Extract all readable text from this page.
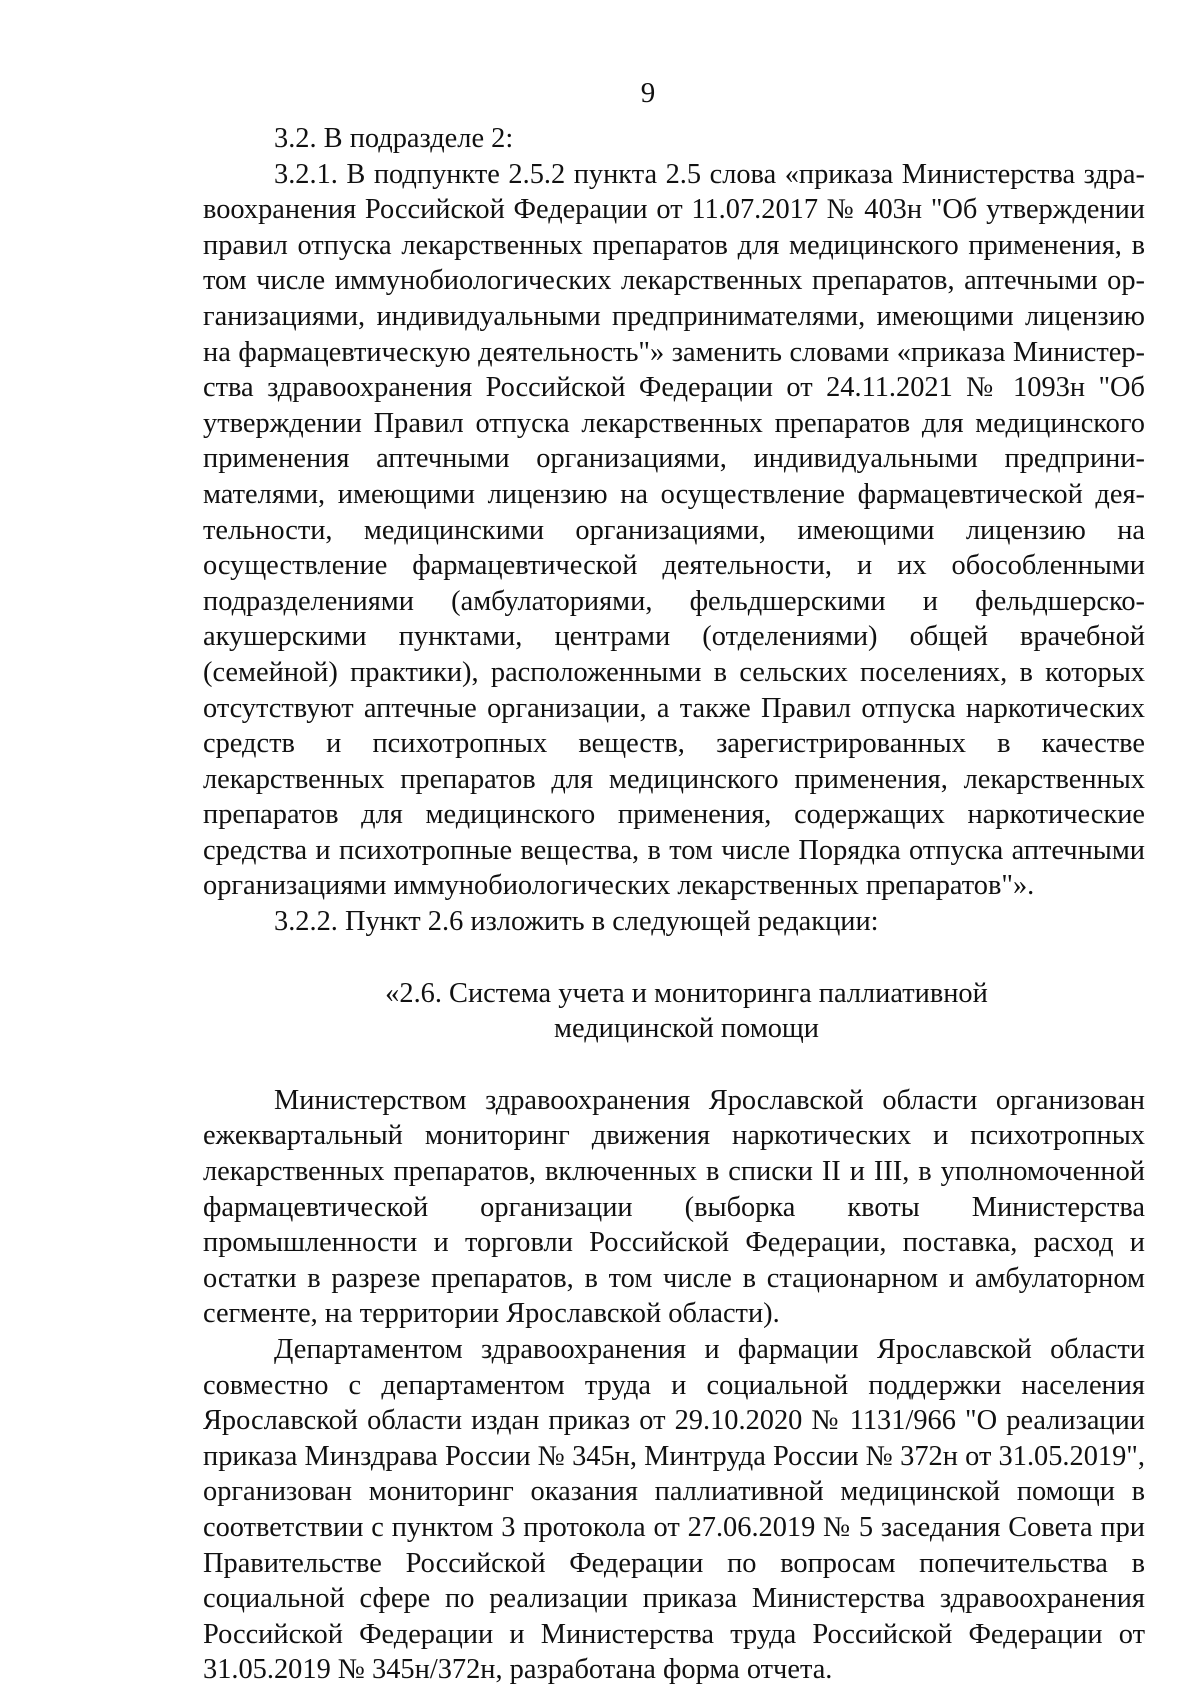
9

3.2. В подразделе 2:

3.2.1. В подпункте 2.5.2 пункта 2.5 слова «приказа Министерства здравоохранения Российской Федерации от 11.07.2017 № 403н "Об утверждении правил отпуска лекарственных препаратов для медицинского применения, в том числе иммунобиологических лекарственных препаратов, аптечными организациями, индивидуальными предпринимателями, имеющими лицензию на фармацевтическую деятельность"» заменить словами «приказа Министерства здравоохранения Российской Федерации от 24.11.2021 № 1093н "Об утверждении Правил отпуска лекарственных препаратов для медицинского применения аптечными организациями, индивидуальными предпринимателями, имеющими лицензию на осуществление фармацевтической деятельности, медицинскими организациями, имеющими лицензию на осуществление фармацевтической деятельности, и их обособленными подразделениями (амбулаториями, фельдшерскими и фельдшерско-акушерскими пунктами, центрами (отделениями) общей врачебной (семейной) практики), расположенными в сельских поселениях, в которых отсутствуют аптечные организации, а также Правил отпуска наркотических средств и психотропных веществ, зарегистрированных в качестве лекарственных препаратов для медицинского применения, лекарственных препаратов для медицинского применения, содержащих наркотические средства и психотропные вещества, в том числе Порядка отпуска аптечными организациями иммунобиологических лекарственных препаратов"».

3.2.2. Пункт 2.6 изложить в следующей редакции:

«2.6. Система учета и мониторинга паллиативной
медицинской помощи

Министерством здравоохранения Ярославской области организован ежеквартальный мониторинг движения наркотических и психотропных лекарственных препаратов, включенных в списки II и III, в уполномоченной фармацевтической организации (выборка квоты Министерства промышленности и торговли Российской Федерации, поставка, расход и остатки в разрезе препаратов, в том числе в стационарном и амбулаторном сегменте, на территории Ярославской области).

Департаментом здравоохранения и фармации Ярославской области совместно с департаментом труда и социальной поддержки населения Ярославской области издан приказ от 29.10.2020 № 1131/966 "О реализации приказа Минздрава России № 345н, Минтруда России № 372н от 31.05.2019", организован мониторинг оказания паллиативной медицинской помощи в соответствии с пунктом 3 протокола от 27.06.2019 № 5 заседания Совета при Правительстве Российской Федерации по вопросам попечительства в социальной сфере по реализации приказа Министерства здравоохранения Российской Федерации и Министерства труда Российской Федерации от 31.05.2019 № 345н/372н, разработана форма отчета.
